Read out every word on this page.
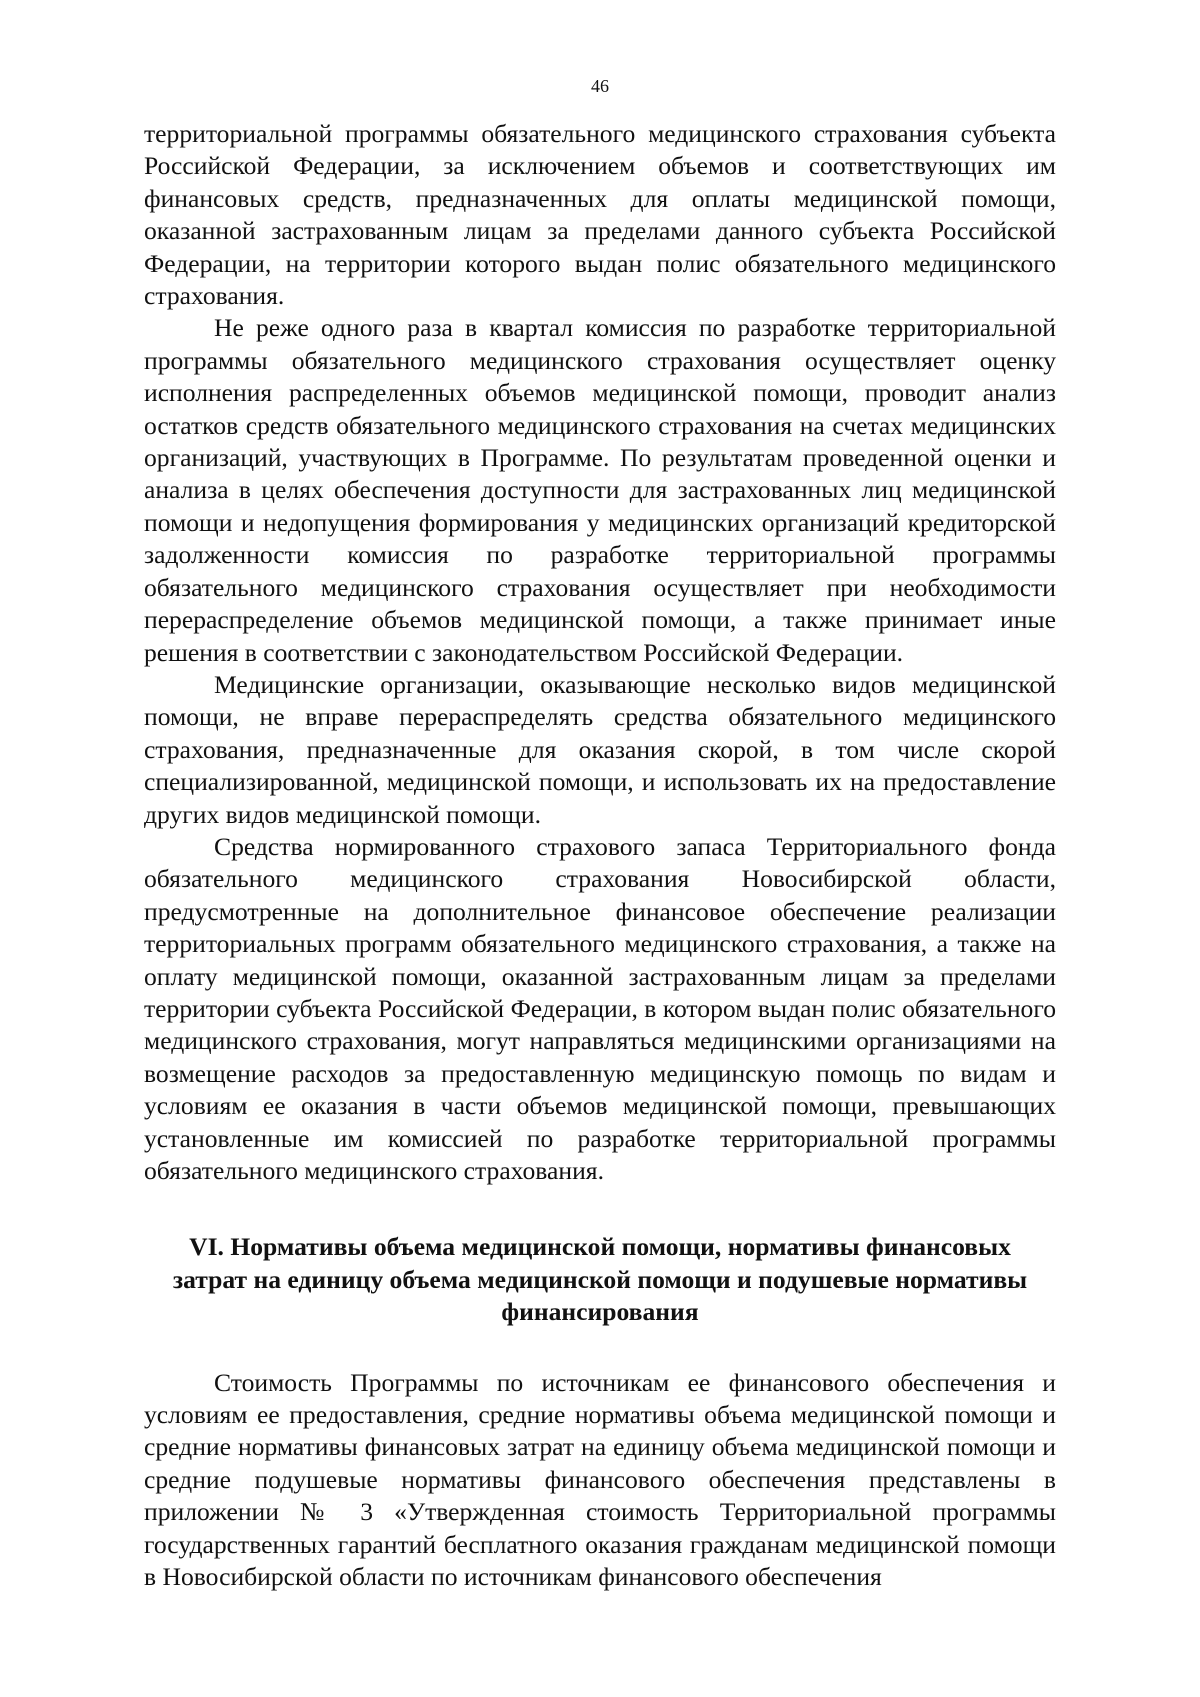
46

территориальной программы обязательного медицинского страхования субъекта Российской Федерации, за исключением объемов и соответствующих им финансовых средств, предназначенных для оплаты медицинской помощи, оказанной застрахованным лицам за пределами данного субъекта Российской Федерации, на территории которого выдан полис обязательного медицинского страхования.

Не реже одного раза в квартал комиссия по разработке территориальной программы обязательного медицинского страхования осуществляет оценку исполнения распределенных объемов медицинской помощи, проводит анализ остатков средств обязательного медицинского страхования на счетах медицинских организаций, участвующих в Программе. По результатам проведенной оценки и анализа в целях обеспечения доступности для застрахованных лиц медицинской помощи и недопущения формирования у медицинских организаций кредиторской задолженности комиссия по разработке территориальной программы обязательного медицинского страхования осуществляет при необходимости перераспределение объемов медицинской помощи, а также принимает иные решения в соответствии с законодательством Российской Федерации.

Медицинские организации, оказывающие несколько видов медицинской помощи, не вправе перераспределять средства обязательного медицинского страхования, предназначенные для оказания скорой, в том числе скорой специализированной, медицинской помощи, и использовать их на предоставление других видов медицинской помощи.

Средства нормированного страхового запаса Территориального фонда обязательного медицинского страхования Новосибирской области, предусмотренные на дополнительное финансовое обеспечение реализации территориальных программ обязательного медицинского страхования, а также на оплату медицинской помощи, оказанной застрахованным лицам за пределами территории субъекта Российской Федерации, в котором выдан полис обязательного медицинского страхования, могут направляться медицинскими организациями на возмещение расходов за предоставленную медицинскую помощь по видам и условиям ее оказания в части объемов медицинской помощи, превышающих установленные им комиссией по разработке территориальной программы обязательного медицинского страхования.

VI. Нормативы объема медицинской помощи, нормативы финансовых затрат на единицу объема медицинской помощи и подушевые нормативы финансирования

Стоимость Программы по источникам ее финансового обеспечения и условиям ее предоставления, средние нормативы объема медицинской помощи и средние нормативы финансовых затрат на единицу объема медицинской помощи и средние подушевые нормативы финансового обеспечения представлены в приложении № 3 «Утвержденная стоимость Территориальной программы государственных гарантий бесплатного оказания гражданам медицинской помощи в Новосибирской области по источникам финансового обеспечения
